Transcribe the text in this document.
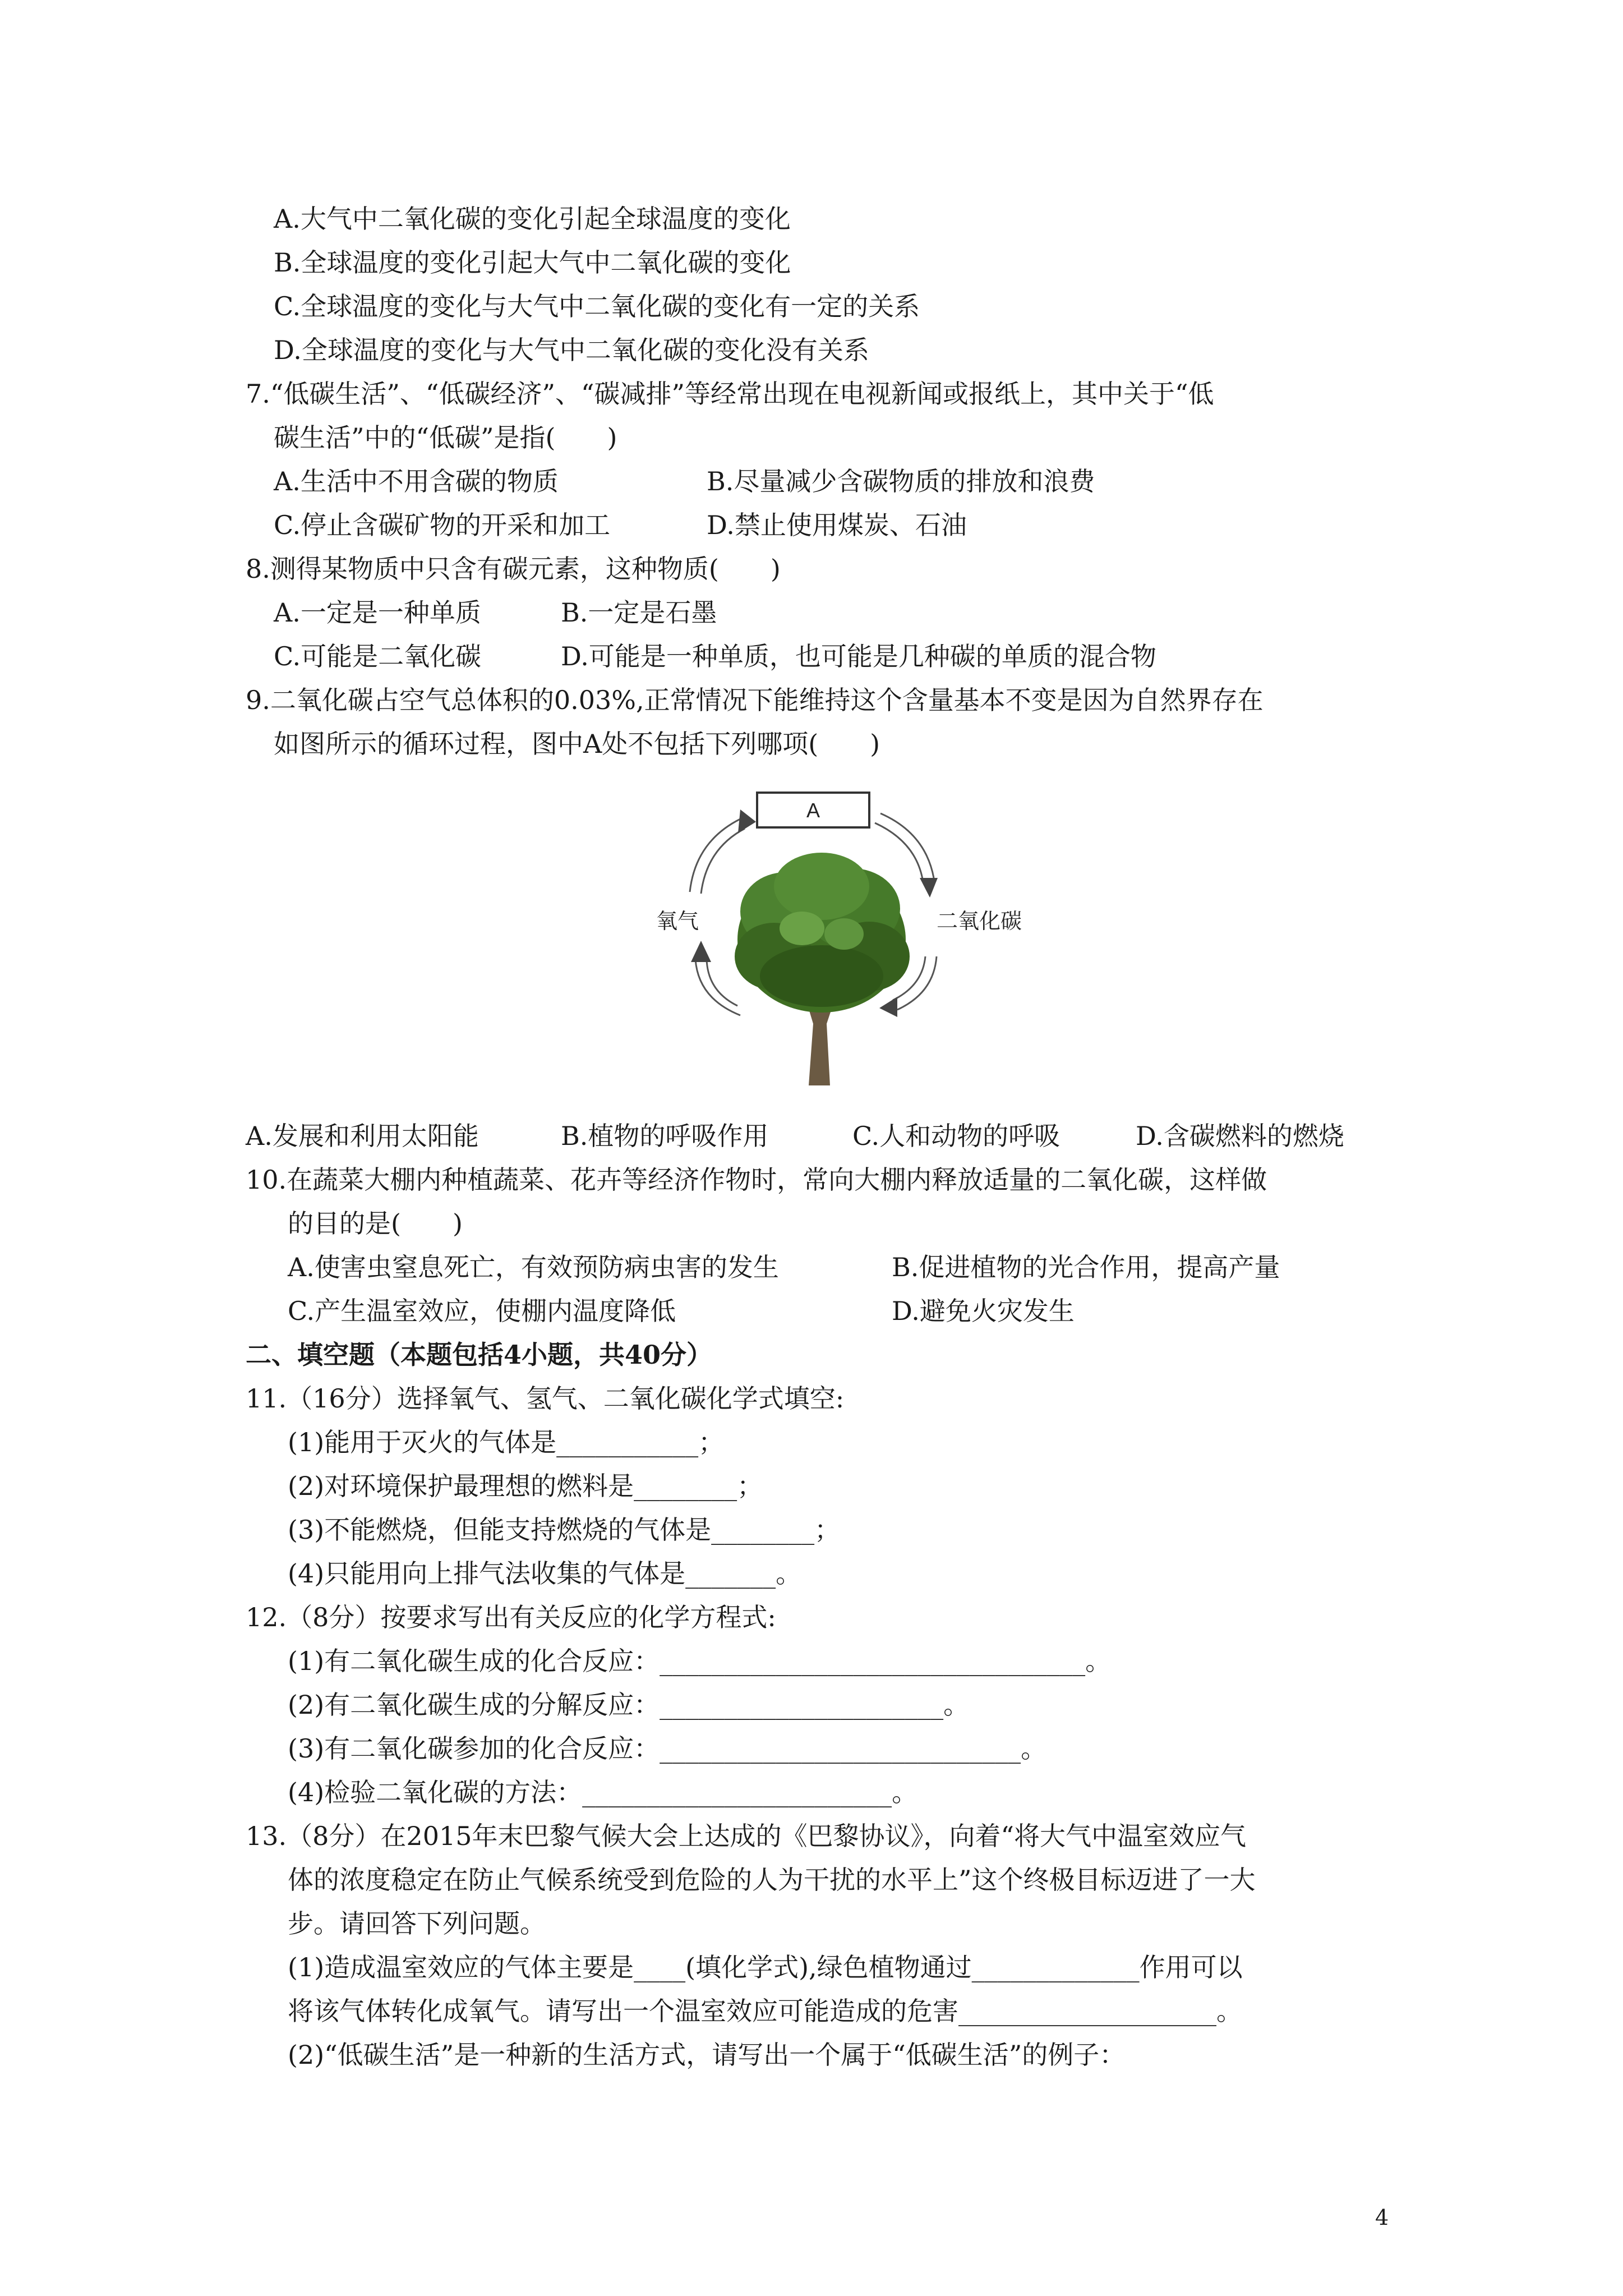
A.大气中二氧化碳的变化引起全球温度的变化
B.全球温度的变化引起大气中二氧化碳的变化
C.全球温度的变化与大气中二氧化碳的变化有一定的关系
D.全球温度的变化与大气中二氧化碳的变化没有关系
7.“低碳生活”、“低碳经济”、“碳减排”等经常出现在电视新闻或报纸上，其中关于“低
碳生活”中的“低碳”是指(　　)
A.生活中不用含碳的物质	B.尽量减少含碳物质的排放和浪费
C.停止含碳矿物的开采和加工	D.禁止使用煤炭、石油
8.测得某物质中只含有碳元素，这种物质(　　)
A.一定是一种单质	B.一定是石墨
C.可能是二氧化碳	D.可能是一种单质，也可能是几种碳的单质的混合物
9.二氧化碳占空气总体积的0.03%,正常情况下能维持这个含量基本不变是因为自然界存在
如图所示的循环过程，图中A处不包括下列哪项(　　)
A
氧气	二氧化碳
A.发展和利用太阳能	B.植物的呼吸作用	C.人和动物的呼吸	D.含碳燃料的燃烧
10.在蔬菜大棚内种植蔬菜、花卉等经济作物时，常向大棚内释放适量的二氧化碳，这样做
的目的是(　　)
A.使害虫窒息死亡，有效预防病虫害的发生	B.促进植物的光合作用，提高产量
C.产生温室效应，使棚内温度降低	D.避免火灾发生
二、填空题（本题包括4小题，共40分）
11.（16分）选择氧气、氢气、二氧化碳化学式填空:
(1)能用于灭火的气体是___________；
(2)对环境保护最理想的燃料是________；
(3)不能燃烧，但能支持燃烧的气体是________；
(4)只能用向上排气法收集的气体是_______。
12.（8分）按要求写出有关反应的化学方程式:
(1)有二氧化碳生成的化合反应：_________________________________。
(2)有二氧化碳生成的分解反应：______________________。
(3)有二氧化碳参加的化合反应：____________________________。
(4)检验二氧化碳的方法：________________________。
13.（8分）在2015年末巴黎气候大会上达成的《巴黎协议》，向着“将大气中温室效应气
体的浓度稳定在防止气候系统受到危险的人为干扰的水平上”这个终极目标迈进了一大
步。请回答下列问题。
(1)造成温室效应的气体主要是____(填化学式),绿色植物通过_____________作用可以
将该气体转化成氧气。请写出一个温室效应可能造成的危害____________________。
(2)“低碳生活”是一种新的生活方式，请写出一个属于“低碳生活”的例子：
4
